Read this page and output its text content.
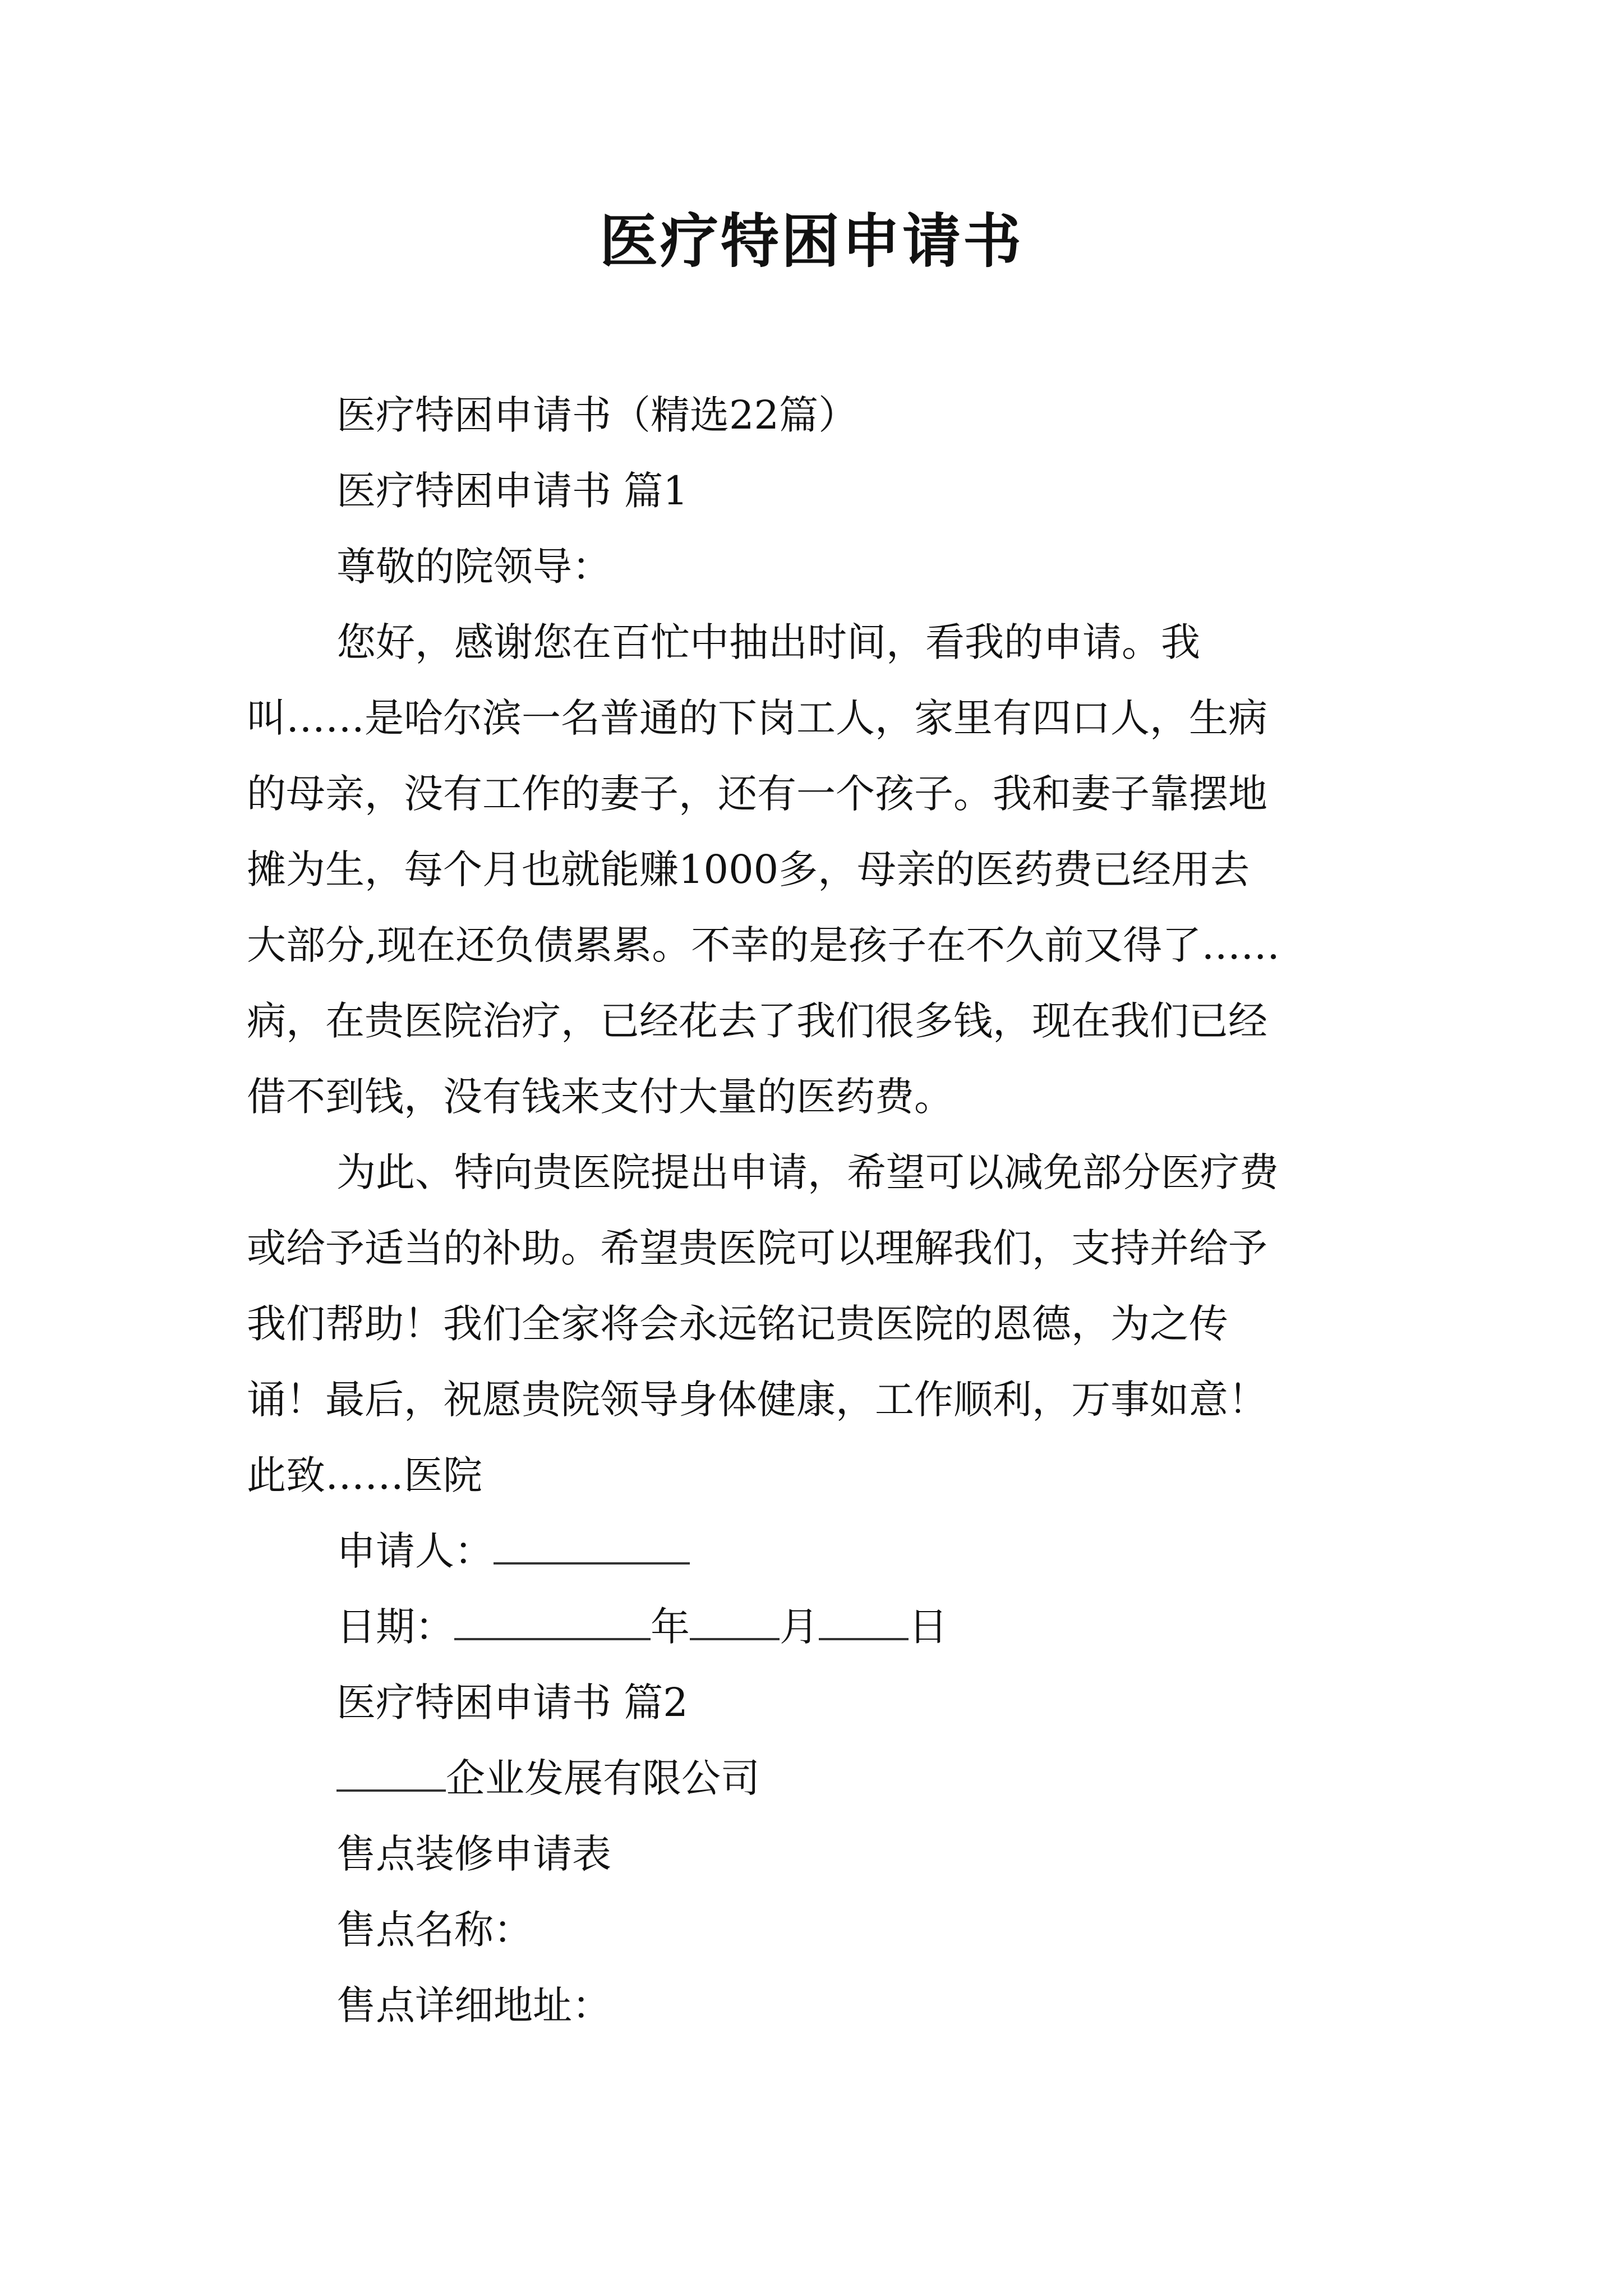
医疗特困申请书
医疗特困申请书（精选22篇）
医疗特困申请书 篇1
尊敬的院领导：
您好，感谢您在百忙中抽出时间，看我的申请。我
叫……是哈尔滨一名普通的下岗工人，家里有四口人，生病
的母亲，没有工作的妻子，还有一个孩子。我和妻子靠摆地
摊为生，每个月也就能赚1000多，母亲的医药费已经用去
大部分,现在还负债累累。不幸的是孩子在不久前又得了……
病，在贵医院治疗，已经花去了我们很多钱，现在我们已经
借不到钱，没有钱来支付大量的医药费。
为此、特向贵医院提出申请，希望可以减免部分医疗费
或给予适当的补助。希望贵医院可以理解我们，支持并给予
我们帮助！我们全家将会永远铭记贵医院的恩德，为之传
诵！最后，祝愿贵院领导身体健康，工作顺利，万事如意！
此致……医院
申请人：
日期：	年 月 日
医疗特困申请书 篇2
企业发展有限公司
售点装修申请表
售点名称：
售点详细地址：
